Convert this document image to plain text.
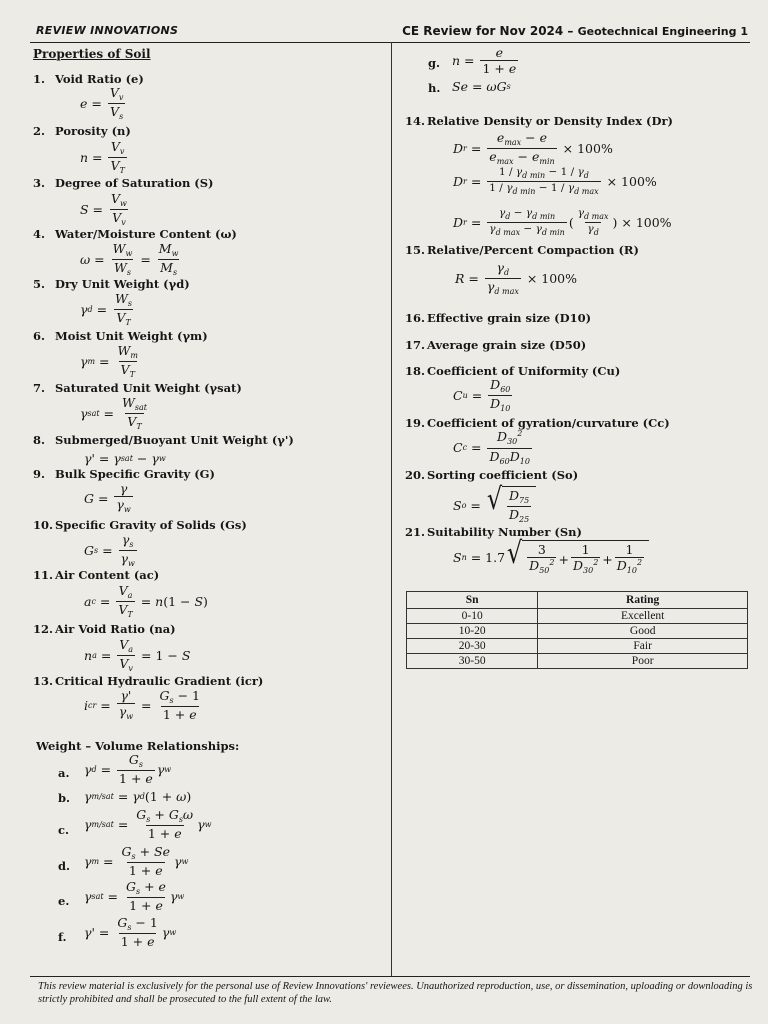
REVIEW INNOVATIONS	CE Review for Nov 2024 – Geotechnical Engineering 1
Properties of Soil
1. Void Ratio (e)
2. Porosity (n)
3. Degree of Saturation (S)
4. Water/Moisture Content (ω)
5. Dry Unit Weight (γd)
6. Moist Unit Weight (γm)
7. Saturated Unit Weight (γsat)
8. Submerged/Buoyant Unit Weight (γ')
9. Bulk Specific Gravity (G)
10. Specific Gravity of Solids (Gs)
11. Air Content (ac)
12. Air Void Ratio (na)
13. Critical Hydraulic Gradient (icr)
$e = \frac{V_v}{V_s}$
$n = \frac{V_v}{V_T}$
$S = \frac{V_w}{V_v}$
$\omega = \frac{W_w}{W_s} = \frac{M_w}{M_s}$
γ $d = \frac{W_s}{V_T}$
γ $m = \frac{W_m}{V_T}$
γ sat = $\frac{W_{sat}}{V_T}$
γ' = γ sat − γ w
$G = \frac{\gamma}{\gamma_w}$
G $s = \frac{\gamma_s}{\gamma_w}$
a $c = \frac{V_a}{V_T} = n$ (1 − S )
n $a = \frac{V_a}{V_v} = 1 - S$
i cr = $\frac{\gamma'}{\gamma_w} = \frac{G_s - 1}{1 + e}$
Weight – Volume Relationships:
a. γ $d = \frac{G_s}{1 + e}$ γ w
b. γ m/sat = γ d (1 + ω )
c. γ $m/sat = \frac{G_s + G_s\omega}{1 + e}$ γ w
d. γ $m = \frac{G_s + Se}{1 + e}$ γ w
e. γ sat = $\frac{G_s + e}{1 + e}$ γ w
f. $\gamma' = \frac{G_s - 1}{1 + e}$ γ w
g. $n = \frac{e}{1 + e}$
h. Se = ωG s
14. Relative Density or Density Index (Dr)
D $r = \frac{e_{max} - e}{e_{max} - e_{min}} \times 100\%$
D $r = \frac{1 / \gamma_{d min} - 1 / \gamma_d}{1 / \gamma_{d min} - 1 / \gamma_{d max}} \times 100\%$
D $r = \frac{\gamma_d - \gamma_{d min}}{\gamma_{d max} - \gamma_{d min}}$ ( $\frac{\gamma_{d max}}{\gamma_d}$ ) × 100%
15. Relative/Percent Compaction (R)
$R = \frac{\gamma_d}{\gamma_{d max}} \times 100\%$
16. Effective grain size (D10)
17. Average grain size (D50)
18. Coefficient of Uniformity (Cu)
C $u = \frac{D_{60}}{D_{10}}$
19. Coefficient of gyration/curvature (Cc)
C $c = \frac{D_{30}^2}{D_{60}D_{10}}$
20. Sorting coefficient (So)
S o = √ $\frac{D_{75}}{D_{25}}$
21. Suitability Number (Sn)
S n = 1.7 √ $\frac{3}{D_{50}^2} + \frac{1}{D_{30}^2} + \frac{1}{D_{10}^2}$
Sn	Rating
0-10	Excellent
10-20	Good
20-30	Fair
30-50	Poor
This review material is exclusively for the personal use of Review Innovations' reviewees. Unauthorized reproduction, use, or dissemination, uploading or downloading is strictly prohibited and shall be prosecuted to the full extent of the law.
